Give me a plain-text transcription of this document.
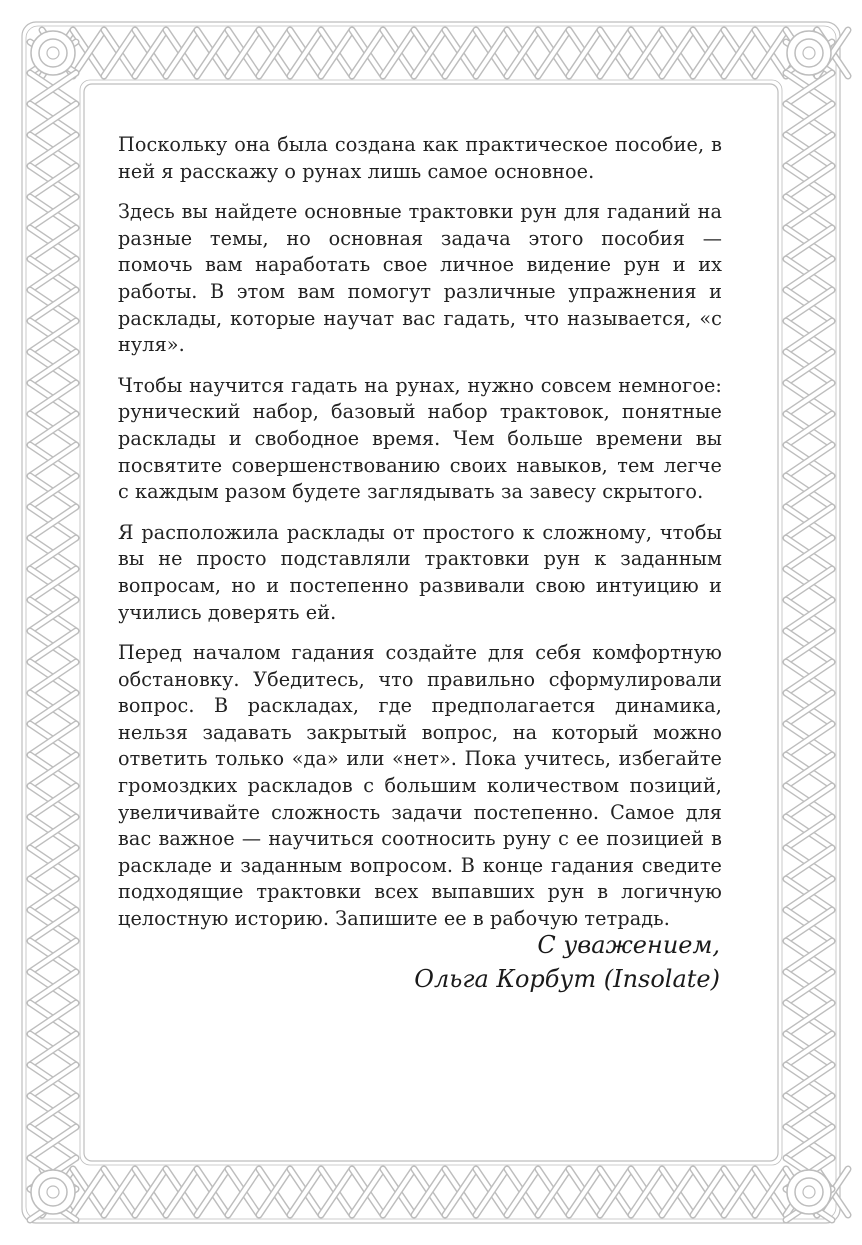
Поскольку она была создана как практическое пособие, в ней я расскажу о рунах лишь самое основное.

Здесь вы найдете основные трактовки рун для гаданий на разные темы, но основная задача этого пособия — помочь вам наработать свое личное видение рун и их работы. В этом вам помогут различные упражнения и расклады, которые научат вас гадать, что называется, «с нуля».

Чтобы научится гадать на рунах, нужно совсем немногое: рунический набор, базовый набор трактовок, понятные расклады и свободное время. Чем больше времени вы посвятите совершенствованию своих навыков, тем легче с каждым разом будете заглядывать за завесу скрытого.

Я расположила расклады от простого к сложному, чтобы вы не просто подставляли трактовки рун к заданным вопросам, но и постепенно развивали свою интуицию и учились доверять ей.

Перед началом гадания создайте для себя комфортную обстановку. Убедитесь, что правильно сформулировали вопрос. В раскладах, где предполагается динамика, нельзя задавать закрытый вопрос, на который можно ответить только «да» или «нет». Пока учитесь, избегайте громоздких раскладов с большим количеством позиций, увеличивайте сложность задачи постепенно. Самое для вас важное — научиться соотносить руну с ее позицией в раскладе и заданным вопросом. В конце гадания сведите подходящие трактовки всех выпавших рун в логичную целостную историю. Запишите ее в рабочую тетрадь.

С уважением,
Ольга Корбут (Insolate)
